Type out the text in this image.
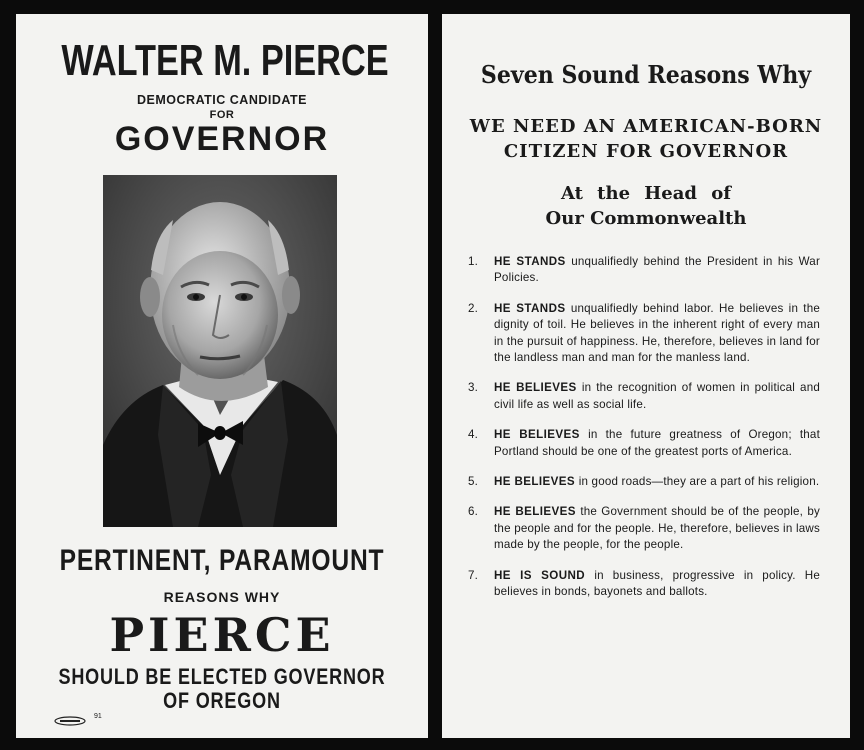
WALTER M. PIERCE
DEMOCRATIC CANDIDATE
FOR
GOVERNOR
PERTINENT, PARAMOUNT
REASONS WHY
PIERCE
SHOULD BE ELECTED GOVERNOR
OF OREGON
91
Seven Sound Reasons Why
WE NEED AN AMERICAN-BORN
CITIZEN FOR GOVERNOR
At the Head of
Our Commonwealth
1. HE STANDS unqualifiedly behind the President in his War Policies.
2. HE STANDS unqualifiedly behind labor. He believes in the dignity of toil. He believes in the inherent right of every man in the pursuit of happiness. He, therefore, believes in land for the landless man and man for the manless land.
3. HE BELIEVES in the recognition of women in political and civil life as well as social life.
4. HE BELIEVES in the future greatness of Oregon; that Portland should be one of the greatest ports of America.
5. HE BELIEVES in good roads—they are a part of his religion.
6. HE BELIEVES the Government should be of the people, by the people and for the people. He, therefore, believes in laws made by the people, for the people.
7. HE IS SOUND in business, progressive in policy. He believes in bonds, bayonets and ballots.
